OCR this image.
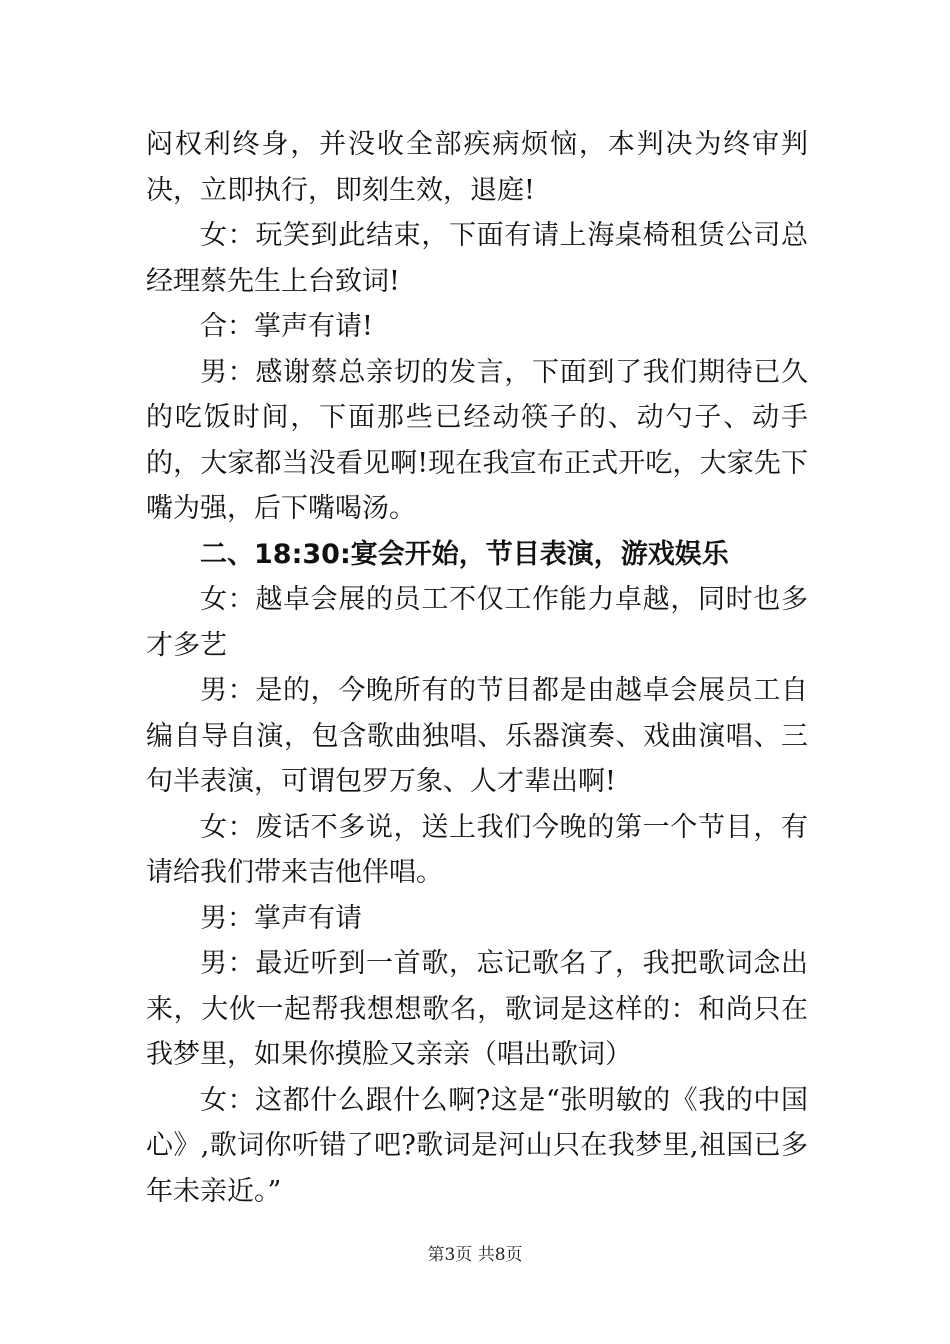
闷权利终身，并没收全部疾病烦恼，本判决为终审判决，立即执行，即刻生效，退庭!

女：玩笑到此结束，下面有请上海桌椅租赁公司总经理蔡先生上台致词!

合：掌声有请!

男：感谢蔡总亲切的发言，下面到了我们期待已久的吃饭时间，下面那些已经动筷子的、动勺子、动手的，大家都当没看见啊!现在我宣布正式开吃，大家先下嘴为强，后下嘴喝汤。

二、18:30:宴会开始，节目表演，游戏娱乐

女：越卓会展的员工不仅工作能力卓越，同时也多才多艺

男：是的，今晚所有的节目都是由越卓会展员工自编自导自演，包含歌曲独唱、乐器演奏、戏曲演唱、三句半表演，可谓包罗万象、人才辈出啊!

女：废话不多说，送上我们今晚的第一个节目，有请给我们带来吉他伴唱。

男：掌声有请

男：最近听到一首歌，忘记歌名了，我把歌词念出来，大伙一起帮我想想歌名，歌词是这样的：和尚只在我梦里，如果你摸脸又亲亲（唱出歌词）

女：这都什么跟什么啊?这是“张明敏的《我的中国心》,歌词你听错了吧?歌词是河山只在我梦里,祖国已多年未亲近。”

第3页 共8页
